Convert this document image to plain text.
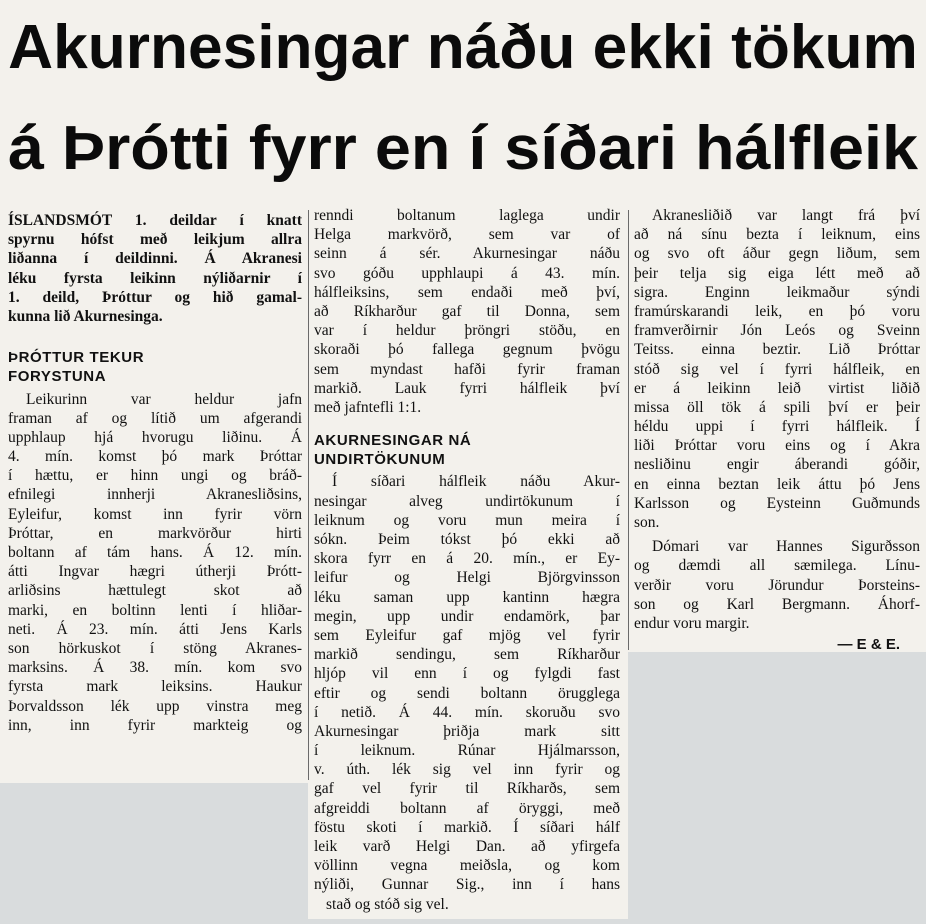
Akurnesingar náðu ekki tökum
á Þrótti fyrr en í síðari hálfleik
ÍSLANDSMÓT 1. deildar í knatt
spyrnu hófst með leikjum allra
liðanna í deildinni. Á Akranesi
léku fyrsta leikinn nýliðarnir í
1. deild, Þróttur og hið gamal-
kunna lið Akurnesinga.
ÞRÓTTUR TEKUR
FORYSTUNA
Leikurinn var heldur jafn
framan af og lítið um afgerandi
upphlaup hjá hvorugu liðinu. Á
4. mín. komst þó mark Þróttar
í hættu, er hinn ungi og bráð-
efnilegi innherji Akranesliðsins,
Eyleifur, komst inn fyrir vörn
Þróttar, en markvörður hirti
boltann af tám hans. Á 12. mín.
átti Ingvar hægri útherji Þrótt-
arliðsins hættulegt skot að
marki, en boltinn lenti í hliðar-
neti. Á 23. mín. átti Jens Karls
son hörkuskot í stöng Akranes-
marksins. Á 38. mín. kom svo
fyrsta mark leiksins. Haukur
Þorvaldsson lék upp vinstra meg
inn, inn fyrir markteig og
renndi boltanum laglega undir
Helga markvörð, sem var of
seinn á sér. Akurnesingar náðu
svo góðu upphlaupi á 43. mín.
hálfleiksins, sem endaði með því,
að Ríkharður gaf til Donna, sem
var í heldur þröngri stöðu, en
skoraði þó fallega gegnum þvögu
sem myndast hafði fyrir framan
markið. Lauk fyrri hálfleik því
með jafntefli 1:1.
AKURNESINGAR NÁ
UNDIRTÖKUNUM
Í síðari hálfleik náðu Akur-
nesingar alveg undirtökunum í
leiknum og voru mun meira í
sókn. Þeim tókst þó ekki að
skora fyrr en á 20. mín., er Ey-
leifur og Helgi Björgvinsson
léku saman upp kantinn hægra
megin, upp undir endamörk, þar
sem Eyleifur gaf mjög vel fyrir
markið sendingu, sem Ríkharður
hljóp vil enn í og fylgdi fast
eftir og sendi boltann örugglega
í netið. Á 44. mín. skoruðu svo
Akurnesingar þriðja mark sitt
í leiknum. Rúnar Hjálmarsson,
v. úth. lék sig vel inn fyrir og
gaf vel fyrir til Ríkharðs, sem
afgreiddi boltann af öryggi, með
föstu skoti í markið. Í síðari hálf
leik varð Helgi Dan. að yfirgefa
völlinn vegna meiðsla, og kom
nýliði, Gunnar Sig., inn í hans
stað og stóð sig vel.
Akranesliðið var langt frá því
að ná sínu bezta í leiknum, eins
og svo oft áður gegn liðum, sem
þeir telja sig eiga létt með að
sigra. Enginn leikmaður sýndi
framúrskarandi leik, en þó voru
framverðirnir Jón Leós og Sveinn
Teitss. einna beztir. Lið Þróttar
stóð sig vel í fyrri hálfleik, en
er á leikinn leið virtist liðið
missa öll tök á spili því er þeir
héldu uppi í fyrri hálfleik. Í
liði Þróttar voru eins og í Akra
nesliðinu engir áberandi góðir,
en einna beztan leik áttu þó Jens
Karlsson og Eysteinn Guðmunds
son.
Dómari var Hannes Sigurðsson
og dæmdi all sæmilega. Línu-
verðir voru Jörundur Þorsteins-
son og Karl Bergmann. Áhorf-
endur voru margir.
— E & E.
